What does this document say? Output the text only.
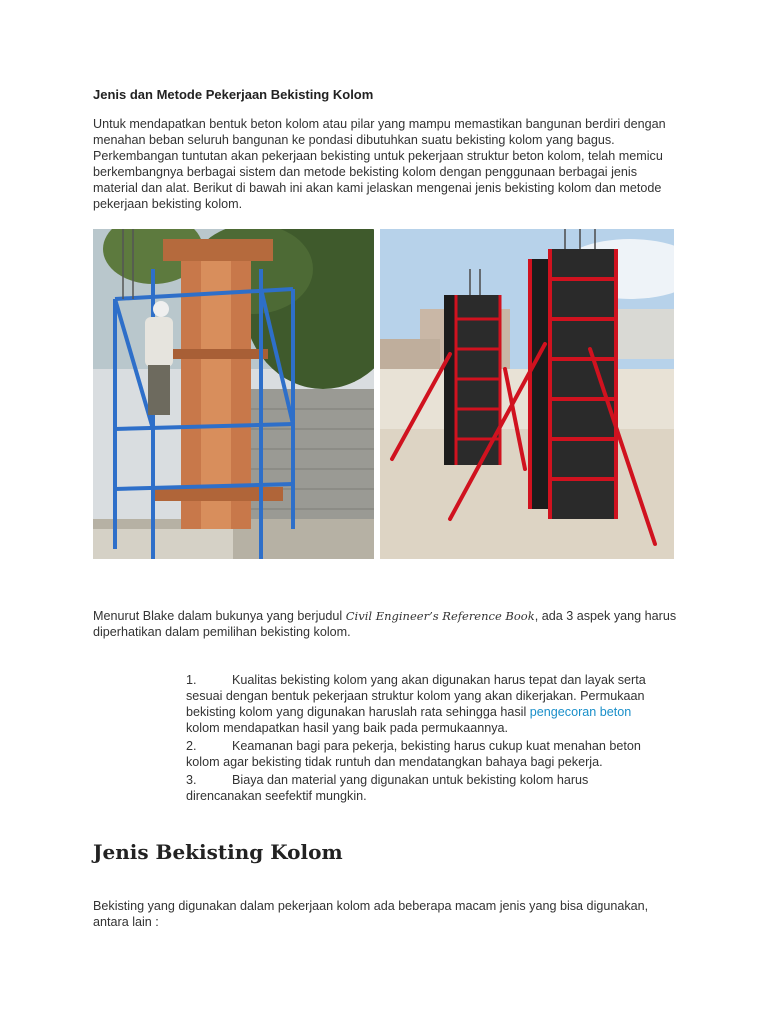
Jenis dan Metode Pekerjaan Bekisting Kolom

Untuk mendapatkan bentuk beton kolom atau pilar yang mampu memastikan bangunan berdiri dengan menahan beban seluruh bangunan ke pondasi dibutuhkan suatu bekisting kolom yang bagus. Perkembangan tuntutan akan pekerjaan bekisting untuk pekerjaan struktur beton kolom, telah memicu berkembangnya berbagai sistem dan metode bekisting kolom dengan penggunaan berbagai jenis material dan alat. Berikut di bawah ini akan kami jelaskan mengenai jenis bekisting kolom dan metode pekerjaan bekisting kolom.

Menurut Blake dalam bukunya yang berjudul Civil Engineer’s Reference Book, ada 3 aspek yang harus diperhatikan dalam pemilihan bekisting kolom.

1.	Kualitas bekisting kolom yang akan digunakan harus tepat dan layak serta sesuai dengan bentuk pekerjaan struktur kolom yang akan dikerjakan. Permukaan bekisting kolom yang digunakan haruslah rata sehingga hasil pengecoran beton kolom mendapatkan hasil yang baik pada permukaannya.
2.	Keamanan bagi para pekerja, bekisting harus cukup kuat menahan beton kolom agar bekisting tidak runtuh dan mendatangkan bahaya bagi pekerja.
3.	Biaya dan material yang digunakan untuk bekisting kolom harus direncanakan seefektif mungkin.
Jenis Bekisting Kolom

Bekisting yang digunakan dalam pekerjaan kolom ada beberapa macam jenis yang bisa digunakan, antara lain :
